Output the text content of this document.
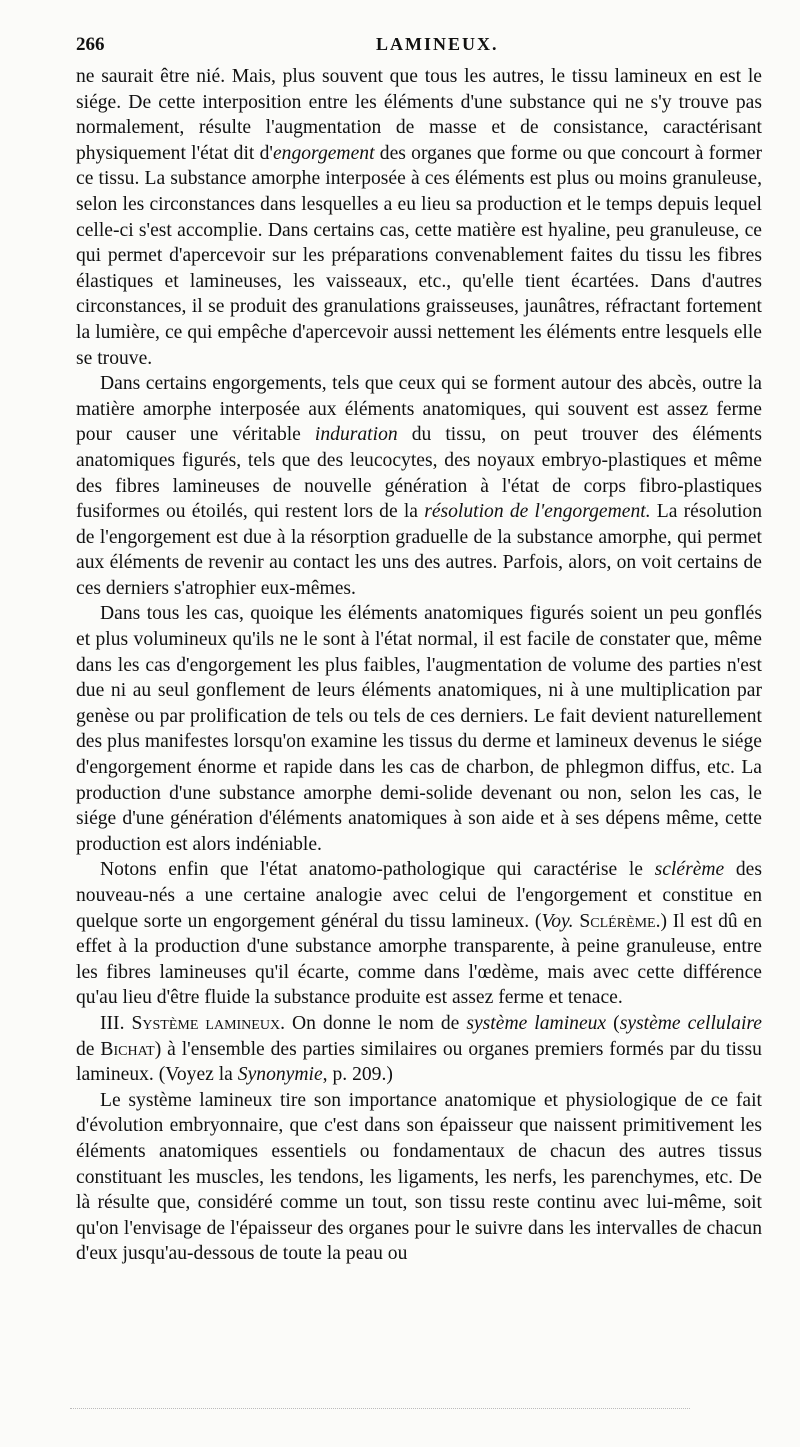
266	LAMINEUX.

ne saurait être nié. Mais, plus souvent que tous les autres, le tissu lamineux en est le siége. De cette interposition entre les éléments d'une substance qui ne s'y trouve pas normalement, résulte l'augmentation de masse et de consistance, caractérisant physiquement l'état dit d'engorgement des organes que forme ou que concourt à former ce tissu. La substance amorphe interposée à ces éléments est plus ou moins granuleuse, selon les circonstances dans lesquelles a eu lieu sa production et le temps depuis lequel celle-ci s'est accomplie. Dans certains cas, cette matière est hyaline, peu granuleuse, ce qui permet d'apercevoir sur les préparations convenablement faites du tissu les fibres élastiques et lamineuses, les vaisseaux, etc., qu'elle tient écartées. Dans d'autres circonstances, il se produit des granulations graisseuses, jaunâtres, réfractant fortement la lumière, ce qui empêche d'apercevoir aussi nettement les éléments entre lesquels elle se trouve.

Dans certains engorgements, tels que ceux qui se forment autour des abcès, outre la matière amorphe interposée aux éléments anatomiques, qui souvent est assez ferme pour causer une véritable induration du tissu, on peut trouver des éléments anatomiques figurés, tels que des leucocytes, des noyaux embryo-plastiques et même des fibres lamineuses de nouvelle génération à l'état de corps fibro-plastiques fusiformes ou étoilés, qui restent lors de la résolution de l'engorgement. La résolution de l'engorgement est due à la résorption graduelle de la substance amorphe, qui permet aux éléments de revenir au contact les uns des autres. Parfois, alors, on voit certains de ces derniers s'atrophier eux-mêmes.

Dans tous les cas, quoique les éléments anatomiques figurés soient un peu gonflés et plus volumineux qu'ils ne le sont à l'état normal, il est facile de constater que, même dans les cas d'engorgement les plus faibles, l'augmentation de volume des parties n'est due ni au seul gonflement de leurs éléments anatomiques, ni à une multiplication par genèse ou par prolification de tels ou tels de ces derniers. Le fait devient naturellement des plus manifestes lorsqu'on examine les tissus du derme et lamineux devenus le siége d'engorgement énorme et rapide dans les cas de charbon, de phlegmon diffus, etc. La production d'une substance amorphe demi-solide devenant ou non, selon les cas, le siége d'une génération d'éléments anatomiques à son aide et à ses dépens même, cette production est alors indéniable.

Notons enfin que l'état anatomo-pathologique qui caractérise le sclérème des nouveau-nés a une certaine analogie avec celui de l'engorgement et constitue en quelque sorte un engorgement général du tissu lamineux. (Voy. Sclérème.) Il est dû en effet à la production d'une substance amorphe transparente, à peine granuleuse, entre les fibres lamineuses qu'il écarte, comme dans l'œdème, mais avec cette différence qu'au lieu d'être fluide la substance produite est assez ferme et tenace.

III. Système lamineux. On donne le nom de système lamineux (système cellulaire de Bichat) à l'ensemble des parties similaires ou organes premiers formés par du tissu lamineux. (Voyez la Synonymie, p. 209.)

Le système lamineux tire son importance anatomique et physiologique de ce fait d'évolution embryonnaire, que c'est dans son épaisseur que naissent primitivement les éléments anatomiques essentiels ou fondamentaux de chacun des autres tissus constituant les muscles, les tendons, les ligaments, les nerfs, les parenchymes, etc. De là résulte que, considéré comme un tout, son tissu reste continu avec lui-même, soit qu'on l'envisage de l'épaisseur des organes pour le suivre dans les intervalles de chacun d'eux jusqu'au-dessous de toute la peau ou
